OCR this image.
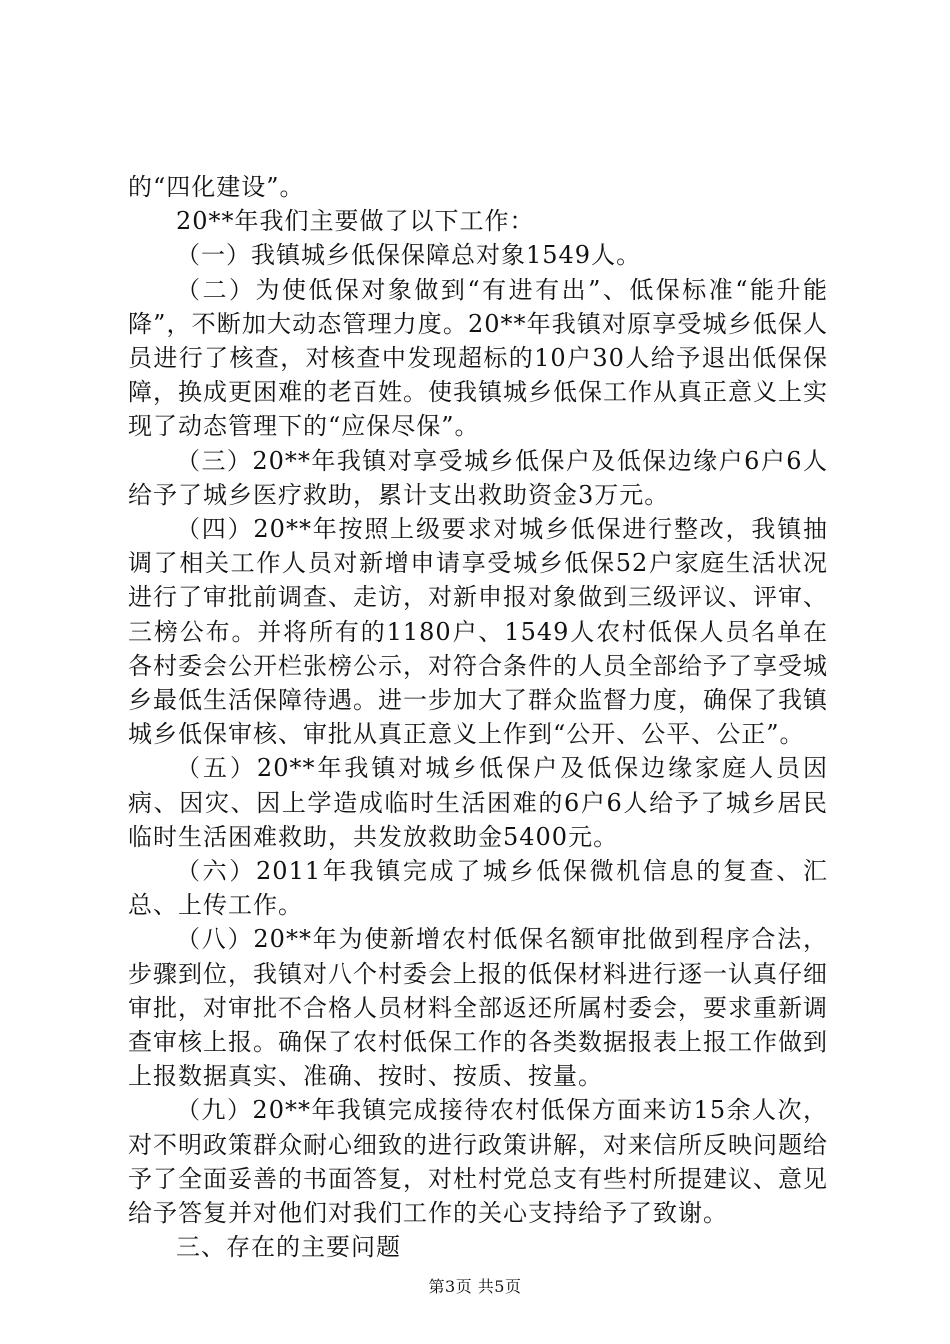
的“四化建设”。

20**年我们主要做了以下工作：

（一）我镇城乡低保保障总对象1549人。

（二）为使低保对象做到“有进有出”、低保标准“能升能降”，不断加大动态管理力度。20**年我镇对原享受城乡低保人员进行了核查，对核查中发现超标的10户30人给予退出低保保障，换成更困难的老百姓。使我镇城乡低保工作从真正意义上实现了动态管理下的“应保尽保”。

（三）20**年我镇对享受城乡低保户及低保边缘户6户6人给予了城乡医疗救助，累计支出救助资金3万元。

（四）20**年按照上级要求对城乡低保进行整改，我镇抽调了相关工作人员对新增申请享受城乡低保52户家庭生活状况进行了审批前调查、走访，对新申报对象做到三级评议、评审、三榜公布。并将所有的1180户、1549人农村低保人员名单在各村委会公开栏张榜公示，对符合条件的人员全部给予了享受城乡最低生活保障待遇。进一步加大了群众监督力度，确保了我镇城乡低保审核、审批从真正意义上作到“公开、公平、公正”。

（五）20**年我镇对城乡低保户及低保边缘家庭人员因病、因灾、因上学造成临时生活困难的6户6人给予了城乡居民临时生活困难救助，共发放救助金5400元。

（六）2011年我镇完成了城乡低保微机信息的复查、汇总、上传工作。

（八）20**年为使新增农村低保名额审批做到程序合法，步骤到位，我镇对八个村委会上报的低保材料进行逐一认真仔细审批，对审批不合格人员材料全部返还所属村委会，要求重新调查审核上报。确保了农村低保工作的各类数据报表上报工作做到上报数据真实、准确、按时、按质、按量。

（九）20**年我镇完成接待农村低保方面来访15余人次，对不明政策群众耐心细致的进行政策讲解，对来信所反映问题给予了全面妥善的书面答复，对杜村党总支有些村所提建议、意见给予答复并对他们对我们工作的关心支持给予了致谢。

三、存在的主要问题

第3页 共5页
